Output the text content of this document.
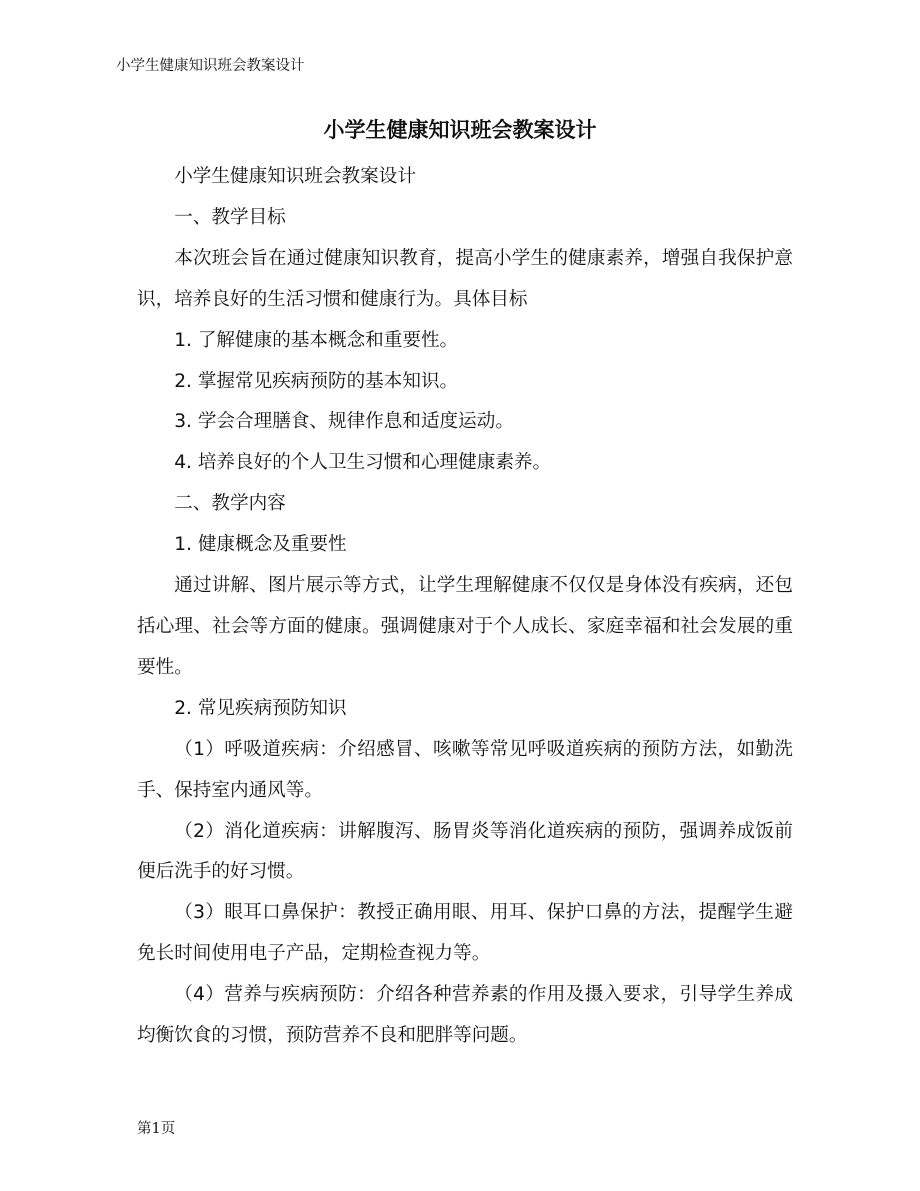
小学生健康知识班会教案设计
小学生健康知识班会教案设计

小学生健康知识班会教案设计

一、教学目标

本次班会旨在通过健康知识教育，提高小学生的健康素养，增强自我保护意识，培养良好的生活习惯和健康行为。具体目标

1. 了解健康的基本概念和重要性。

2. 掌握常见疾病预防的基本知识。

3. 学会合理膳食、规律作息和适度运动。

4. 培养良好的个人卫生习惯和心理健康素养。

二、教学内容

1. 健康概念及重要性

通过讲解、图片展示等方式，让学生理解健康不仅仅是身体没有疾病，还包括心理、社会等方面的健康。强调健康对于个人成长、家庭幸福和社会发展的重要性。

2. 常见疾病预防知识

（1）呼吸道疾病：介绍感冒、咳嗽等常见呼吸道疾病的预防方法，如勤洗手、保持室内通风等。

（2）消化道疾病：讲解腹泻、肠胃炎等消化道疾病的预防，强调养成饭前便后洗手的好习惯。

（3）眼耳口鼻保护：教授正确用眼、用耳、保护口鼻的方法，提醒学生避免长时间使用电子产品，定期检查视力等。

（4）营养与疾病预防：介绍各种营养素的作用及摄入要求，引导学生养成均衡饮食的习惯，预防营养不良和肥胖等问题。

第1页
